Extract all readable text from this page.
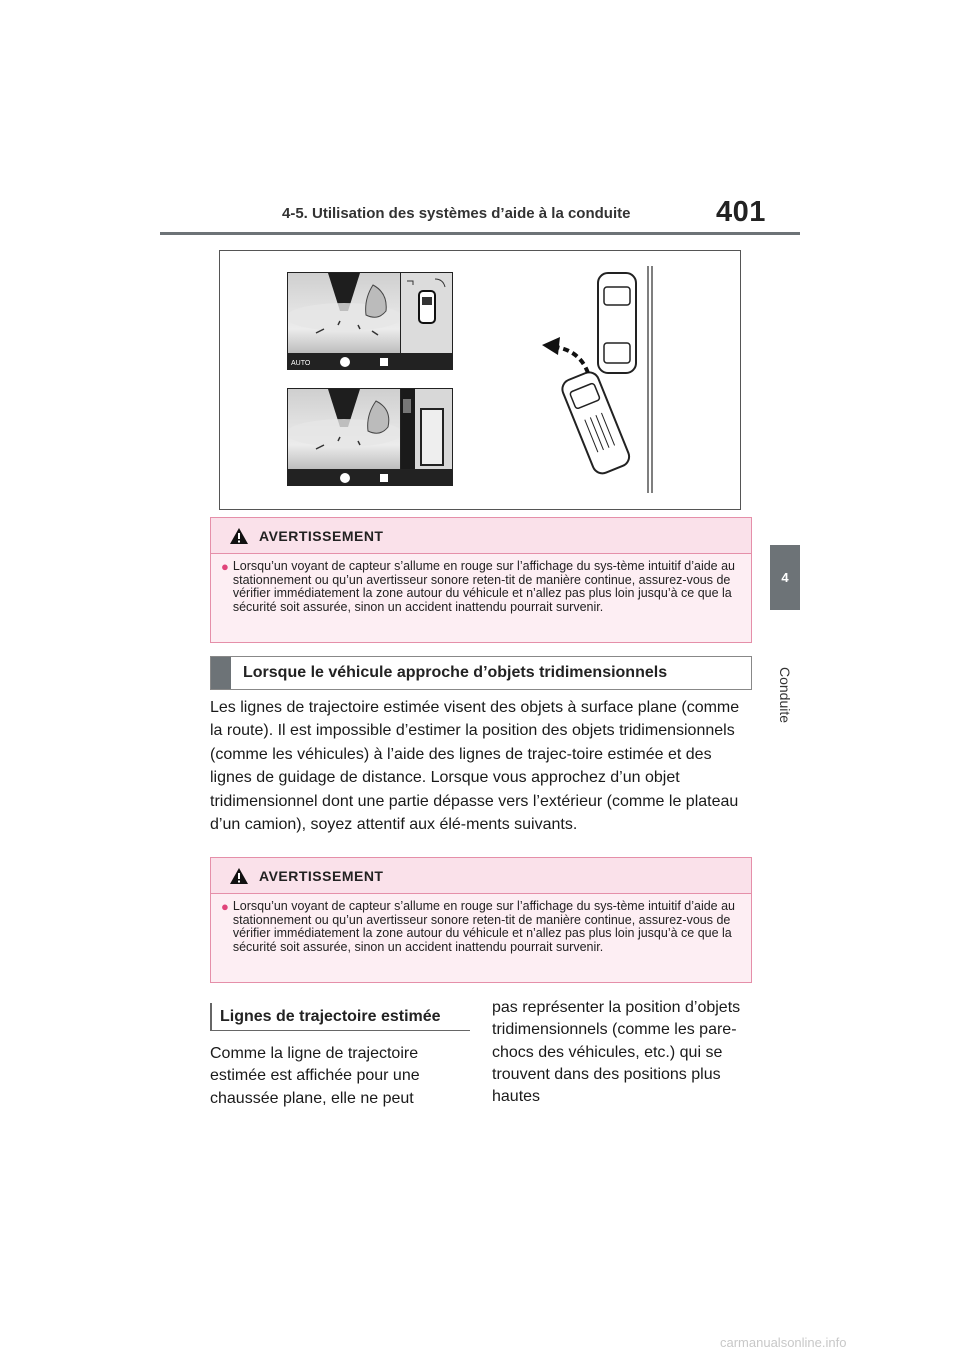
4-5. Utilisation des systèmes d’aide à la conduite	401
4
Conduite
AUTO
AVERTISSEMENT
● Lorsqu’un voyant de capteur s’allume en rouge sur l’affichage du sys-tème intuitif d’aide au stationnement ou qu’un avertisseur sonore reten-tit de manière continue, assurez-vous de vérifier immédiatement la zone autour du véhicule et n’allez pas plus loin jusqu’à ce que la sécurité soit assurée, sinon un accident inattendu pourrait survenir.
Lorsque le véhicule approche d’objets tridimensionnels
Les lignes de trajectoire estimée visent des objets à surface plane (comme la route). Il est impossible d’estimer la position des objets tridimensionnels (comme les véhicules) à l’aide des lignes de trajec-toire estimée et des lignes de guidage de distance. Lorsque vous approchez d’un objet tridimensionnel dont une partie dépasse vers l’extérieur (comme le plateau d’un camion), soyez attentif aux élé-ments suivants.
AVERTISSEMENT
● Lorsqu’un voyant de capteur s’allume en rouge sur l’affichage du sys-tème intuitif d’aide au stationnement ou qu’un avertisseur sonore reten-tit de manière continue, assurez-vous de vérifier immédiatement la zone autour du véhicule et n’allez pas plus loin jusqu’à ce que la sécurité soit assurée, sinon un accident inattendu pourrait survenir.
Lignes de trajectoire estimée
Comme la ligne de trajectoire estimée est affichée pour une chaussée plane, elle ne peut
pas représenter la position d’objets tridimensionnels (comme les pare-chocs des véhicules, etc.) qui se trouvent dans des positions plus hautes
carmanualsonline.info
